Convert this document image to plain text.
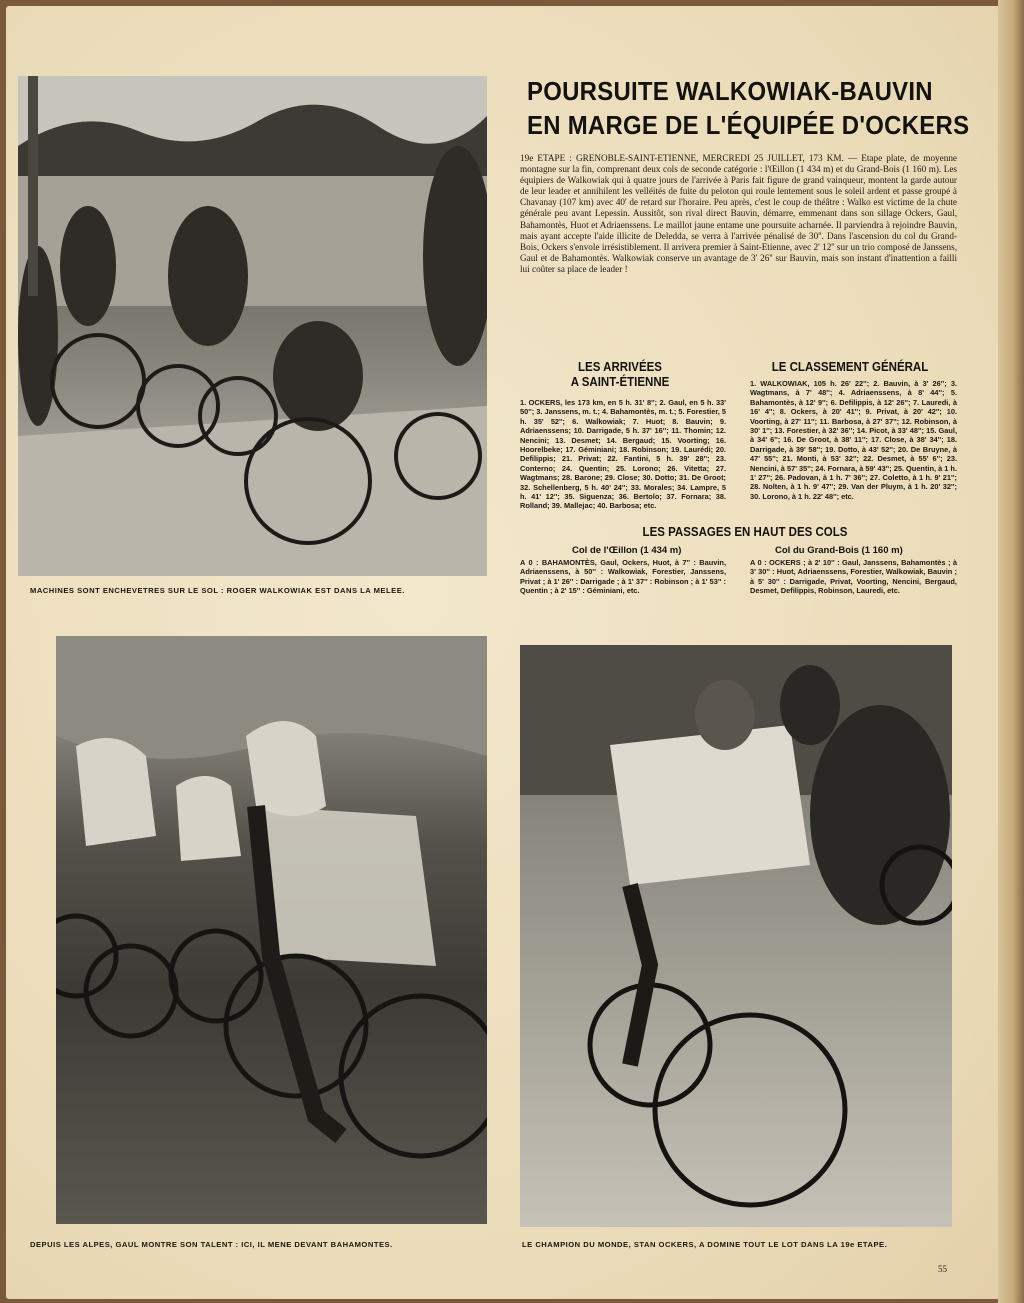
MACHINES SONT ENCHEVETRES SUR LE SOL : ROGER WALKOWIAK EST DANS LA MELEE.
POURSUITE WALKOWIAK-BAUVIN
EN MARGE DE L'ÉQUIPÉE D'OCKERS

19e ETAPE : GRENOBLE-SAINT-ETIENNE, MERCREDI 25 JUILLET, 173 KM. — Etape plate, de moyenne montagne sur la fin, comprenant deux cols de seconde catégorie : l'Œillon (1 434 m) et du Grand-Bois (1 160 m). Les équipiers de Walkowiak qui à quatre jours de l'arrivée à Paris fait figure de grand vainqueur, montent la garde autour de leur leader et annihilent les velléités de fuite du peloton qui roule lentement sous le soleil ardent et passe groupé à Chavanay (107 km) avec 40' de retard sur l'horaire. Peu après, c'est le coup de théâtre : Walko est victime de la chute générale peu avant Lepessin. Aussitôt, son rival direct Bauvin, démarre, emmenant dans son sillage Ockers, Gaul, Bahamontès, Huot et Adriaenssens. Le maillot jaune entame une poursuite acharnée. Il parviendra à rejoindre Bauvin, mais ayant accepte l'aide illicite de Deledda, se verra à l'arrivée pénalisé de 30''. Dans l'ascension du col du Grand-Bois, Ockers s'envole irrésistiblement. Il arrivera premier à Saint-Etienne, avec 2' 12'' sur un trio composé de Janssens, Gaul et de Bahamontès. Walkowiak conserve un avantage de 3' 26'' sur Bauvin, mais son instant d'inattention a failli lui coûter sa place de leader !

LES ARRIVÉES
A SAINT-ÉTIENNE

1. OCKERS, les 173 km, en 5 h. 31' 8''; 2. Gaul, en 5 h. 33' 50''; 3. Janssens, m. t.; 4. Bahamontès, m. t.; 5. Forestier, 5 h. 35' 52''; 6. Walkowiak; 7. Huot; 8. Bauvin; 9. Adriaenssens; 10. Darrigade, 5 h. 37' 16''; 11. Thomin; 12. Nencini; 13. Desmet; 14. Bergaud; 15. Voorting; 16. Hoorelbeke; 17. Géminiani; 18. Robinson; 19. Laurédi; 20. Defilippis; 21. Privat; 22. Fantini, 5 h. 39' 28''; 23. Conterno; 24. Quentin; 25. Lorono; 26. Vitetta; 27. Wagtmans; 28. Barone; 29. Close; 30. Dotto; 31. De Groot; 32. Schellenberg, 5 h. 40' 24''; 33. Morales; 34. Lampre, 5 h. 41' 12''; 35. Siguenza; 36. Bertolo; 37. Fornara; 38. Rolland; 39. Mallejac; 40. Barbosa; etc.

LE CLASSEMENT GÉNÉRAL

1. WALKOWIAK, 105 h. 26' 22''; 2. Bauvin, à 3' 26''; 3. Wagtmans, à 7' 48''; 4. Adriaenssens, à 8' 44''; 5. Bahamontès, à 12' 9''; 6. Defilippis, à 12' 26''; 7. Lauredi, à 16' 4''; 8. Ockers, à 20' 41''; 9. Privat, à 20' 42''; 10. Voorting, à 27' 11''; 11. Barbosa, à 27' 37''; 12. Robinson, à 30' 1''; 13. Forestier, à 32' 36''; 14. Picot, à 33' 48''; 15. Gaul, à 34' 6''; 16. De Groot, à 38' 11''; 17. Close, à 38' 34''; 18. Darrigade, à 39' 58''; 19. Dotto, à 43' 52''; 20. De Bruyne, à 47' 55''; 21. Monti, à 53' 32''; 22. Desmet, à 55' 6''; 23. Nencini, à 57' 35''; 24. Fornara, à 59' 43''; 25. Quentin, à 1 h. 1' 27''; 26. Padovan, à 1 h. 7' 36''; 27. Coletto, à 1 h. 9' 21''; 28. Nolten, à 1 h. 9' 47''; 29. Van der Pluym, à 1 h. 20' 32''; 30. Lorono, à 1 h. 22' 48''; etc.

LES PASSAGES EN HAUT DES COLS
Col de l'Œillon (1 434 m)

A 0 : BAHAMONTÈS, Gaul, Ockers, Huot, à 7'' : Bauvin, Adriaenssens, à 50'' : Walkowiak, Forestier, Janssens, Privat ; à 1' 26'' : Darrigade ; à 1' 37'' : Robinson ; à 1' 53'' : Quentin ; à 2' 15'' : Géminiani, etc.

Col du Grand-Bois (1 160 m)

A 0 : OCKERS ; à 2' 10'' : Gaul, Janssens, Bahamontès ; à 3' 30'' : Huot, Adriaenssens, Forestier, Walkowiak, Bauvin ; à 5' 30'' : Darrigade, Privat, Voorting, Nencini, Bergaud, Desmet, Defilippis, Robinson, Lauredi, etc.

DEPUIS LES ALPES, GAUL MONTRE SON TALENT : ICI, IL MENE DEVANT BAHAMONTES.	LE CHAMPION DU MONDE, STAN OCKERS, A DOMINE TOUT LE LOT DANS LA 19e ETAPE.
55
